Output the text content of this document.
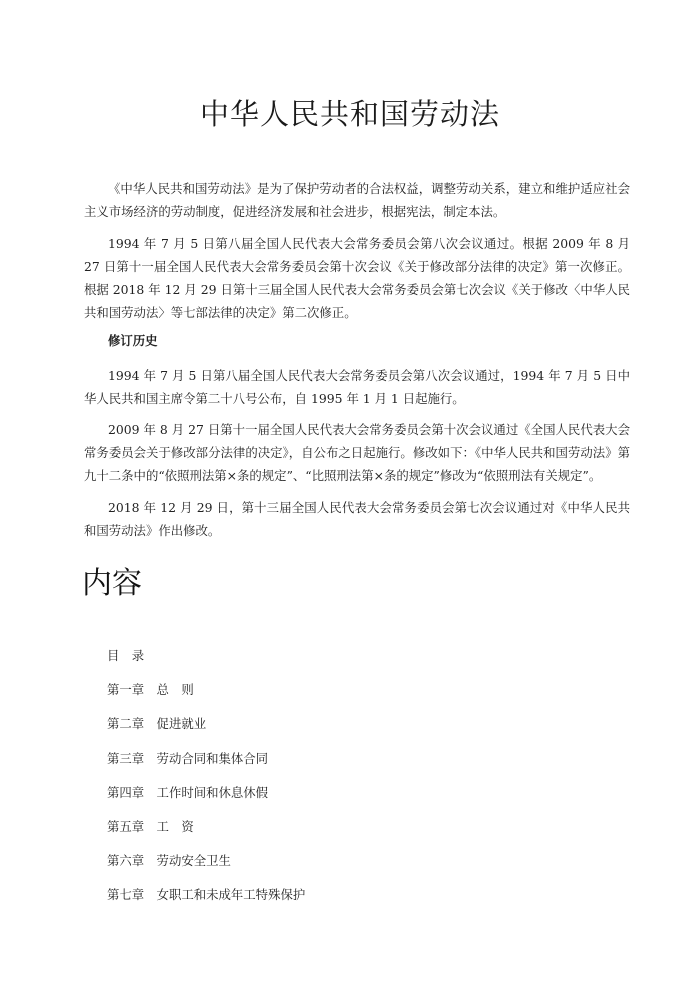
中华人民共和国劳动法

《中华人民共和国劳动法》是为了保护劳动者的合法权益，调整劳动关系，建立和维护适应社会主义市场经济的劳动制度，促进经济发展和社会进步，根据宪法，制定本法。

1994 年 7 月 5 日第八届全国人民代表大会常务委员会第八次会议通过。根据 2009 年 8 月 27 日第十一届全国人民代表大会常务委员会第十次会议《关于修改部分法律的决定》第一次修正。根据 2018 年 12 月 29 日第十三届全国人民代表大会常务委员会第七次会议《关于修改〈中华人民共和国劳动法〉等七部法律的决定》第二次修正。

修订历史

1994 年 7 月 5 日第八届全国人民代表大会常务委员会第八次会议通过，1994 年 7 月 5 日中华人民共和国主席令第二十八号公布，自 1995 年 1 月 1 日起施行。

2009 年 8 月 27 日第十一届全国人民代表大会常务委员会第十次会议通过《全国人民代表大会常务委员会关于修改部分法律的决定》，自公布之日起施行。修改如下：《中华人民共和国劳动法》第九十二条中的“依照刑法第×条的规定”、“比照刑法第×条的规定”修改为“依照刑法有关规定”。

2018 年 12 月 29 日，第十三届全国人民代表大会常务委员会第七次会议通过对《中华人民共和国劳动法》作出修改。

内容
目　录
第一章　总　则
第二章　促进就业
第三章　劳动合同和集体合同
第四章　工作时间和休息休假
第五章　工　资
第六章　劳动安全卫生
第七章　女职工和未成年工特殊保护
